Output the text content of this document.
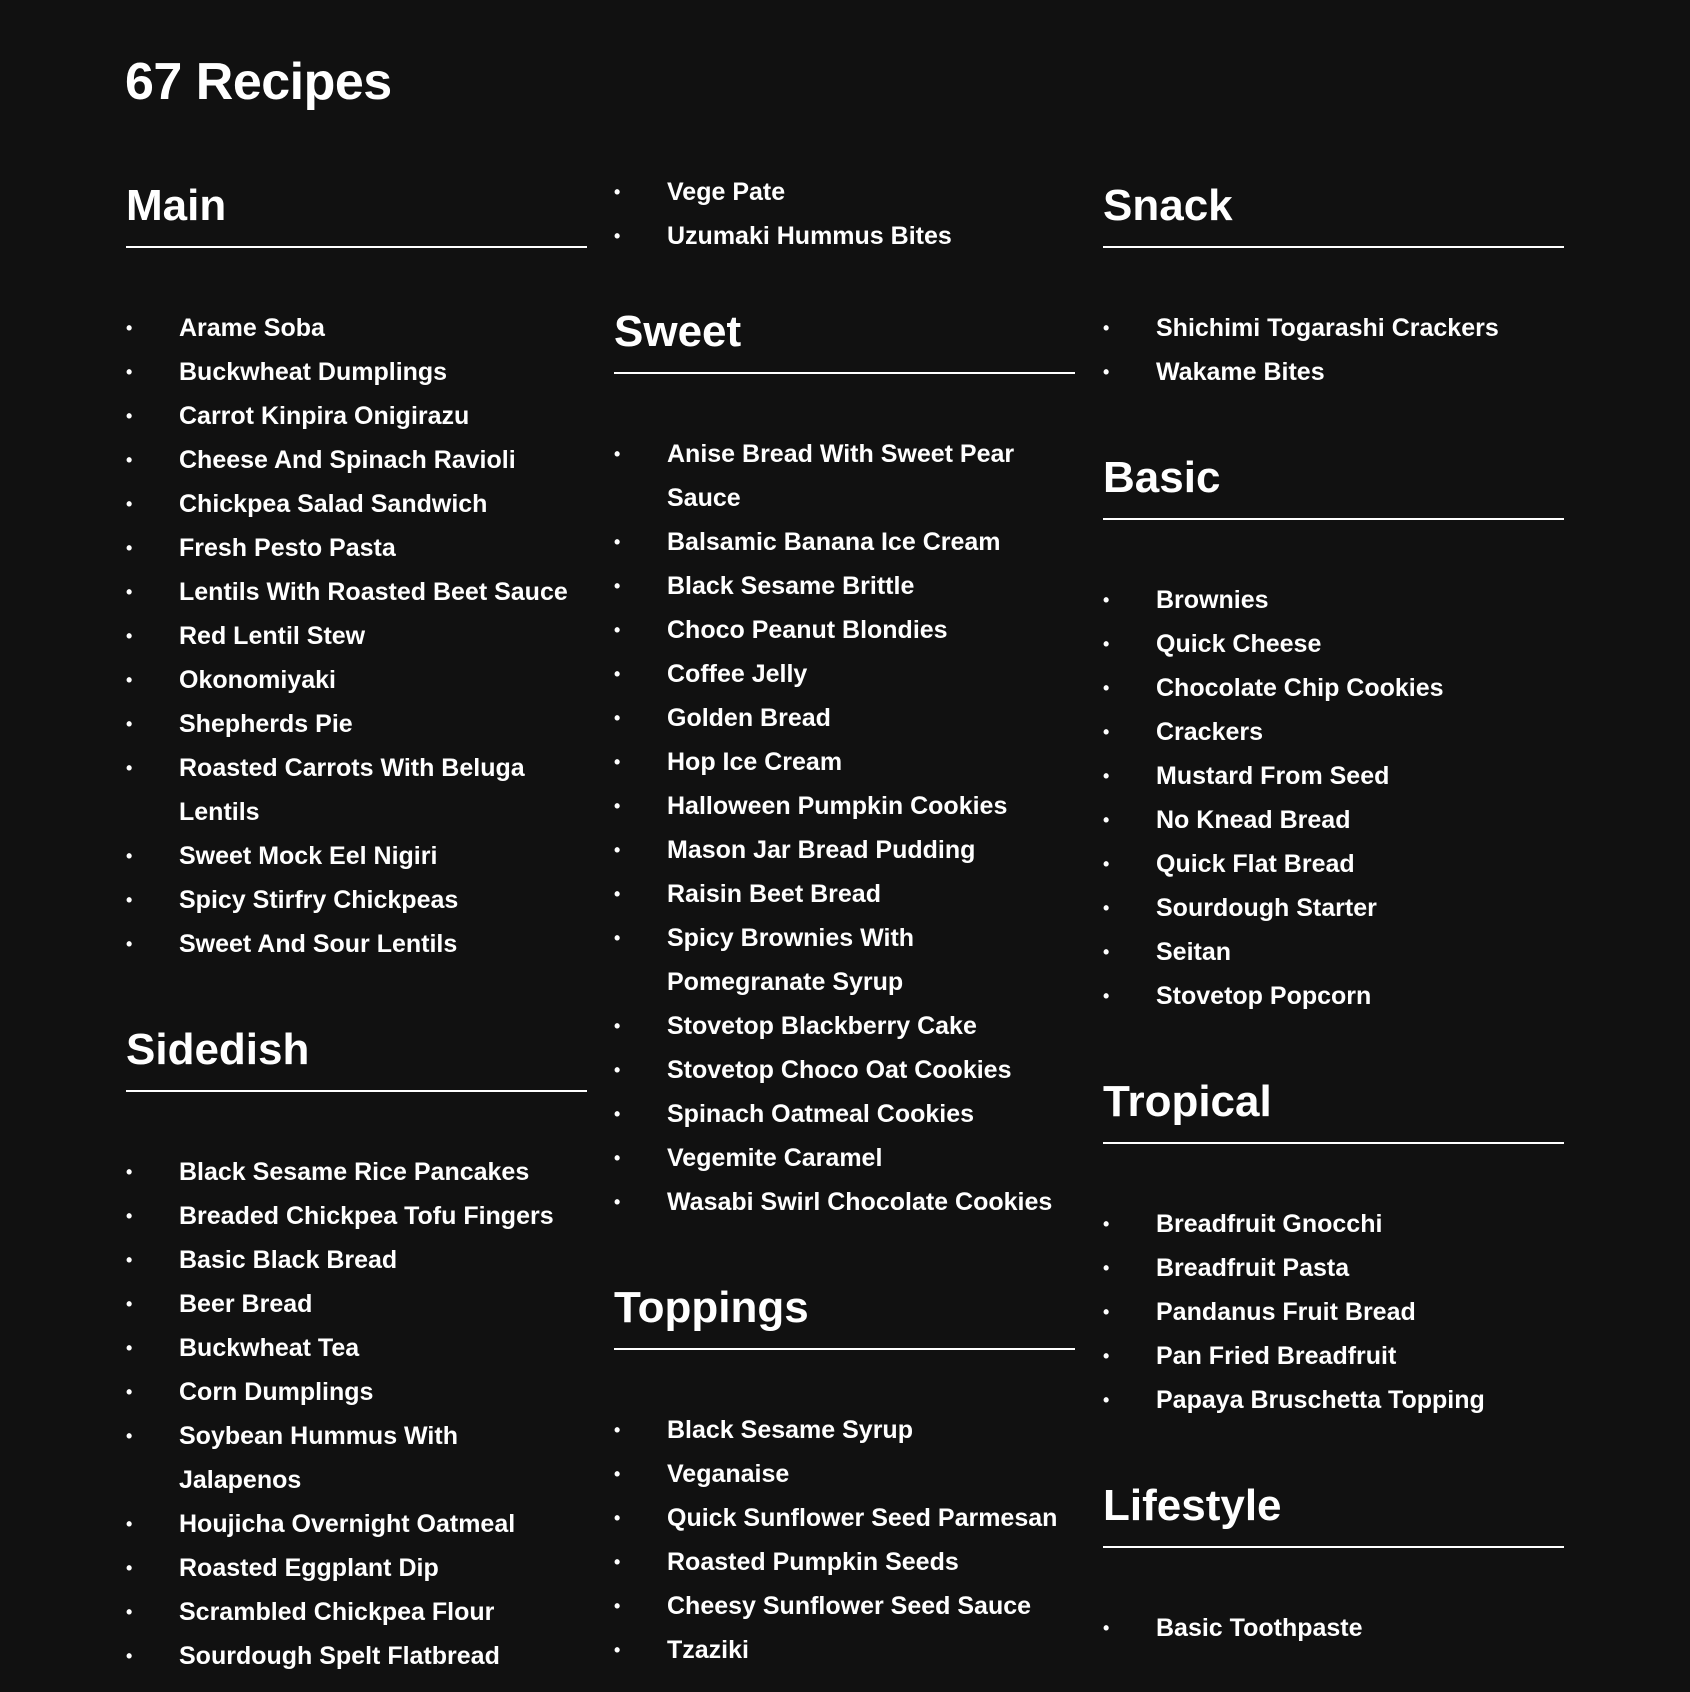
67 Recipes
Main
• Arame Soba
• Buckwheat Dumplings
• Carrot Kinpira Onigirazu
• Cheese And Spinach Ravioli
• Chickpea Salad Sandwich
• Fresh Pesto Pasta
• Lentils With Roasted Beet Sauce
• Red Lentil Stew
• Okonomiyaki
• Shepherds Pie
• Roasted Carrots With Beluga Lentils
• Sweet Mock Eel Nigiri
• Spicy Stirfry Chickpeas
• Sweet And Sour Lentils
Sidedish
• Black Sesame Rice Pancakes
• Breaded Chickpea Tofu Fingers
• Basic Black Bread
• Beer Bread
• Buckwheat Tea
• Corn Dumplings
• Soybean Hummus With Jalapenos
• Houjicha Overnight Oatmeal
• Roasted Eggplant Dip
• Scrambled Chickpea Flour
• Sourdough Spelt Flatbread
• Vege Pate
• Uzumaki Hummus Bites
Sweet
• Anise Bread With Sweet Pear Sauce
• Balsamic Banana Ice Cream
• Black Sesame Brittle
• Choco Peanut Blondies
• Coffee Jelly
• Golden Bread
• Hop Ice Cream
• Halloween Pumpkin Cookies
• Mason Jar Bread Pudding
• Raisin Beet Bread
• Spicy Brownies With Pomegranate Syrup
• Stovetop Blackberry Cake
• Stovetop Choco Oat Cookies
• Spinach Oatmeal Cookies
• Vegemite Caramel
• Wasabi Swirl Chocolate Cookies
Toppings
• Black Sesame Syrup
• Veganaise
• Quick Sunflower Seed Parmesan
• Roasted Pumpkin Seeds
• Cheesy Sunflower Seed Sauce
• Tzaziki
Snack
• Shichimi Togarashi Crackers
• Wakame Bites
Basic
• Brownies
• Quick Cheese
• Chocolate Chip Cookies
• Crackers
• Mustard From Seed
• No Knead Bread
• Quick Flat Bread
• Sourdough Starter
• Seitan
• Stovetop Popcorn
Tropical
• Breadfruit Gnocchi
• Breadfruit Pasta
• Pandanus Fruit Bread
• Pan Fried Breadfruit
• Papaya Bruschetta Topping
Lifestyle
• Basic Toothpaste
